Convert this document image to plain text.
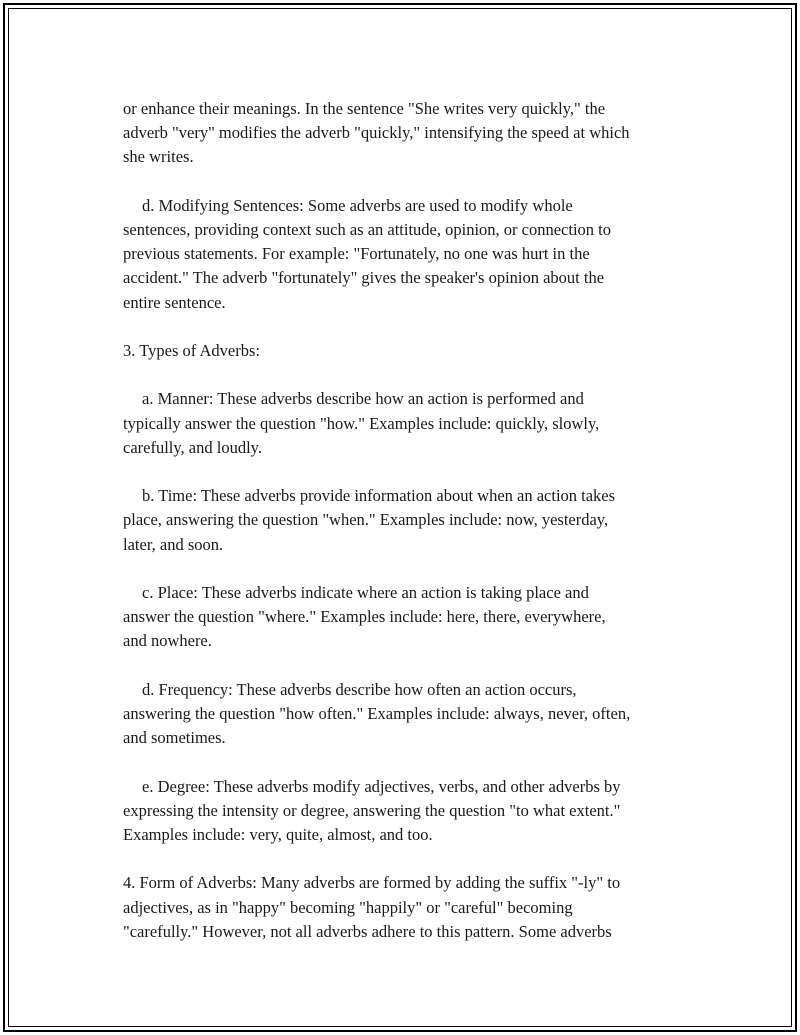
or enhance their meanings. In the sentence "She writes very quickly," the
adverb "very" modifies the adverb "quickly," intensifying the speed at which
she writes.

d. Modifying Sentences: Some adverbs are used to modify whole
sentences, providing context such as an attitude, opinion, or connection to
previous statements. For example: "Fortunately, no one was hurt in the
accident." The adverb "fortunately" gives the speaker's opinion about the
entire sentence.

3. Types of Adverbs:

a. Manner: These adverbs describe how an action is performed and
typically answer the question "how." Examples include: quickly, slowly,
carefully, and loudly.

b. Time: These adverbs provide information about when an action takes
place, answering the question "when." Examples include: now, yesterday,
later, and soon.

c. Place: These adverbs indicate where an action is taking place and
answer the question "where." Examples include: here, there, everywhere,
and nowhere.

d. Frequency: These adverbs describe how often an action occurs,
answering the question "how often." Examples include: always, never, often,
and sometimes.

e. Degree: These adverbs modify adjectives, verbs, and other adverbs by
expressing the intensity or degree, answering the question "to what extent."
Examples include: very, quite, almost, and too.

4. Form of Adverbs: Many adverbs are formed by adding the suffix "-ly" to
adjectives, as in "happy" becoming "happily" or "careful" becoming
"carefully." However, not all adverbs adhere to this pattern. Some adverbs
